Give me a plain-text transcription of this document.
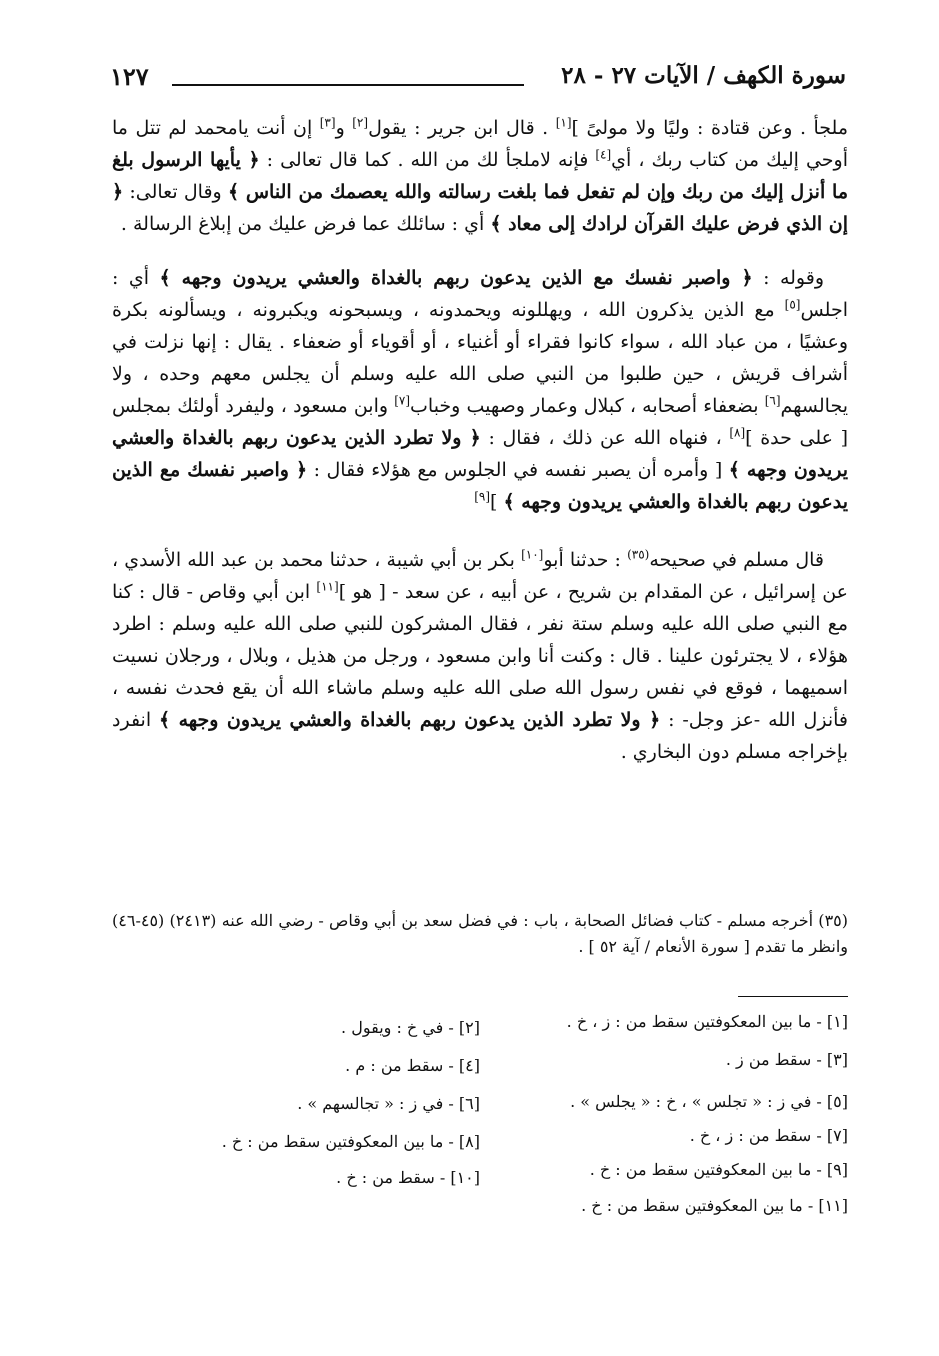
١٢٧	سورة الكهف / الآيات ٢٧ - ٢٨

ملجأ . وعن قتادة : وليًا ولا مولىً ][١] . قال ابن جرير : يقول[٢] و[٣] إن أنت يامحمد لم تتل ما أوحي إليك من كتاب ربك ، أي[٤] فإنه لاملجأ لك من الله . كما قال تعالى : ﴿ يأيها الرسول بلغ ما أنزل إليك من ربك وإن لم تفعل فما بلغت رسالته والله يعصمك من الناس ﴾ وقال تعالى: ﴿ إن الذي فرض عليك القرآن لرادك إلى معاد ﴾ أي : سائلك عما فرض عليك من إبلاغ الرسالة .

وقوله : ﴿ واصبر نفسك مع الذين يدعون ربهم بالغداة والعشي يريدون وجهه ﴾ أي : اجلس[٥] مع الذين يذكرون الله ، ويهللونه ويحمدونه ، ويسبحونه ويكبرونه ، ويسألونه بكرة وعشيًا ، من عباد الله ، سواء كانوا فقراء أو أغنياء ، أو أقوياء أو ضعفاء . يقال : إنها نزلت في أشراف قريش ، حين طلبوا من النبي صلى الله عليه وسلم أن يجلس معهم وحده ، ولا يجالسهم[٦] بضعفاء أصحابه ، كبلال وعمار وصهيب وخباب[٧] وابن مسعود ، وليفرد أولئك بمجلس [ على حدة ][٨] ، فنهاه الله عن ذلك ، فقال : ﴿ ولا تطرد الذين يدعون ربهم بالغداة والعشي يريدون وجهه ﴾ [ وأمره أن يصبر نفسه في الجلوس مع هؤلاء فقال : ﴿ واصبر نفسك مع الذين يدعون ربهم بالغداة والعشي يريدون وجهه ﴾ ][٩]

قال مسلم في صحيحه$^{(٣٥)}$ : حدثنا أبو[١٠] بكر بن أبي شيبة ، حدثنا محمد بن عبد الله الأسدي ، عن إسرائيل ، عن المقدام بن شريح ، عن أبيه ، عن سعد - [ هو ][١١] ابن أبي وقاص - قال : كنا مع النبي صلى الله عليه وسلم ستة نفر ، فقال المشركون للنبي صلى الله عليه وسلم : اطرد هؤلاء ، لا يجترئون علينا . قال : وكنت أنا وابن مسعود ، ورجل من هذيل ، وبلال ، ورجلان نسيت اسميهما ، فوقع في نفس رسول الله صلى الله عليه وسلم ماشاء الله أن يقع فحدث نفسه ، فأنزل الله -عز وجل- : ﴿ ولا تطرد الذين يدعون ربهم بالغداة والعشي يريدون وجهه ﴾ انفرد بإخراجه مسلم دون البخاري .

(٣٥) أخرجه مسلم - كتاب فضائل الصحابة ، باب : في فضل سعد بن أبي وقاص - رضي الله عنه (٢٤١٣) (٤٥-٤٦) وانظر ما تقدم [ سورة الأنعام / آية ٥٢ ] .

[١] - ما بين المعكوفتين سقط من : ز ، خ .
[٢] - في خ : ويقول .
[٣] - سقط من ز .
[٤] - سقط من : م .
[٥] - في ز : « تجلس » ، خ : « يجلس » .
[٦] - في ز : « تجالسهم » .
[٧] - سقط من : ز ، خ .
[٨] - ما بين المعكوفتين سقط من : خ .
[٩] - ما بين المعكوفتين سقط من : خ .
[١٠] - سقط من : خ .
[١١] - ما بين المعكوفتين سقط من : خ .
